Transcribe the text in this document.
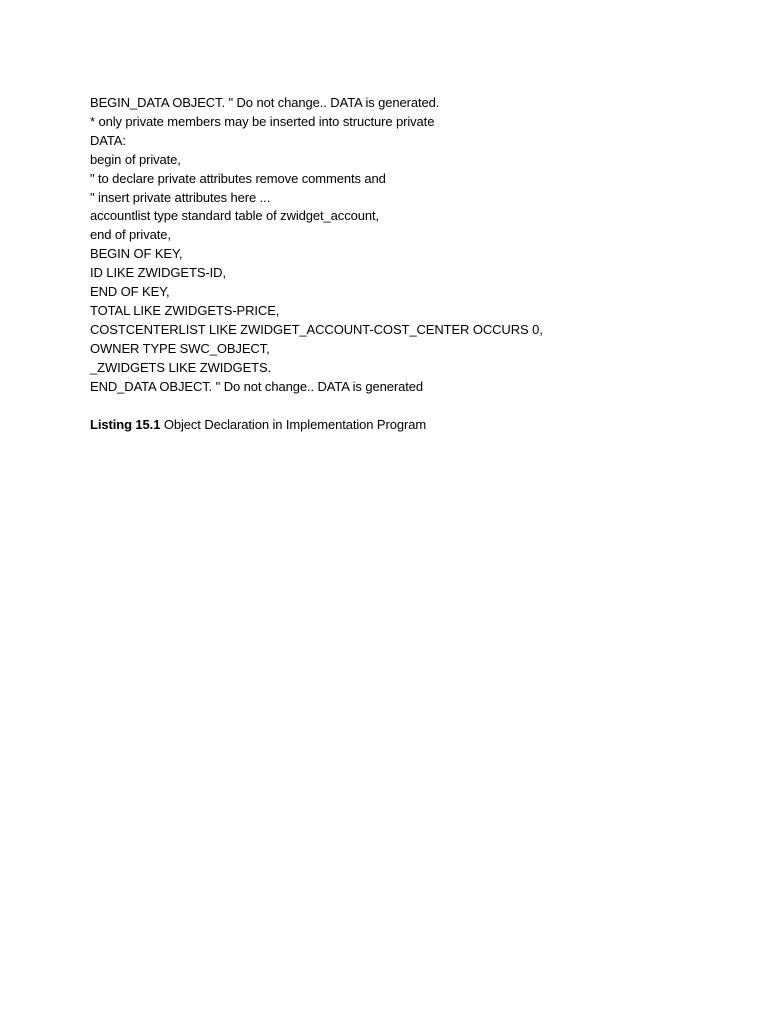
BEGIN_DATA OBJECT. " Do not change.. DATA is generated.
* only private members may be inserted into structure private
DATA:
begin of private,
" to declare private attributes remove comments and
" insert private attributes here ...
accountlist type standard table of zwidget_account,
end of private,
BEGIN OF KEY,
ID LIKE ZWIDGETS-ID,
END OF KEY,
TOTAL LIKE ZWIDGETS-PRICE,
COSTCENTERLIST LIKE ZWIDGET_ACCOUNT-COST_CENTER OCCURS 0,
OWNER TYPE SWC_OBJECT,
_ZWIDGETS LIKE ZWIDGETS.
END_DATA OBJECT. " Do not change.. DATA is generated
Listing 15.1 Object Declaration in Implementation Program
